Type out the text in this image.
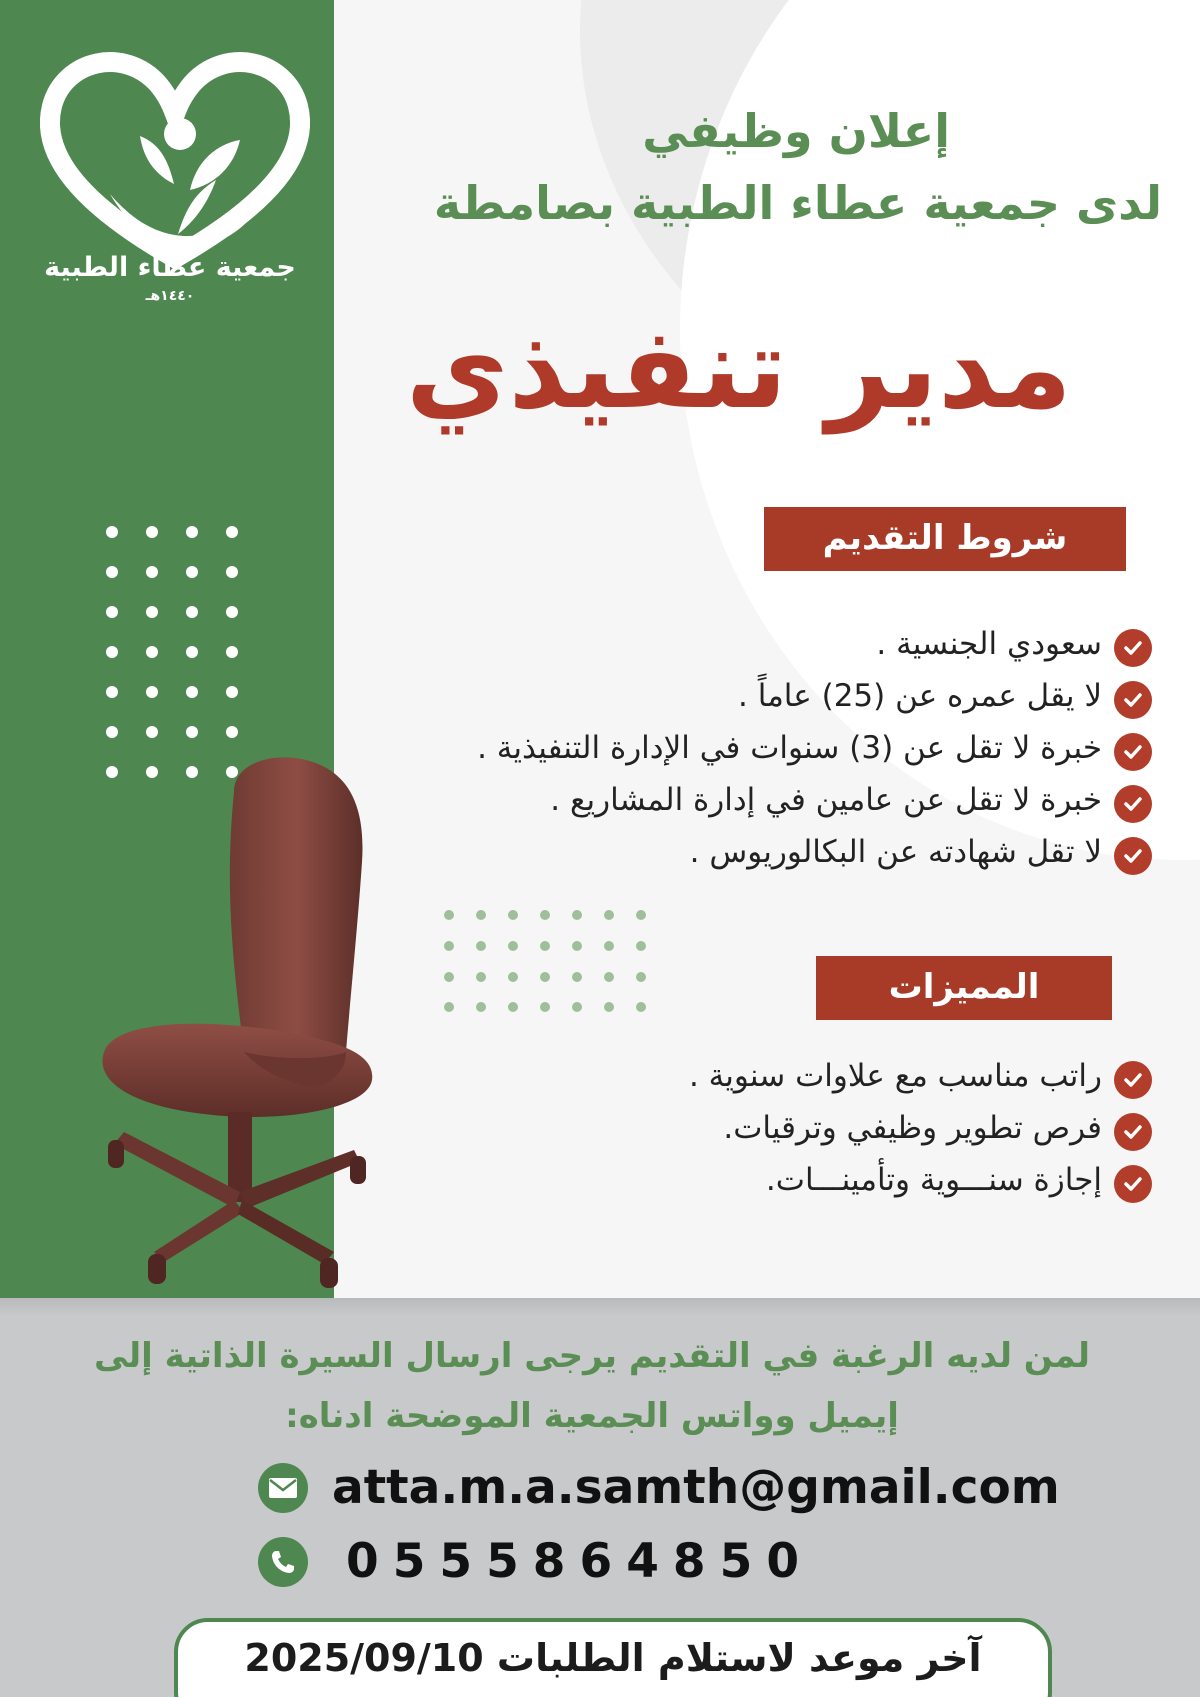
جمعية عطاء الطبية
١٤٤٠هـ
إعلان وظيفي
لدى جمعية عطاء الطبية بصامطة
مدير تنفيذي
شروط التقديم
سعودي الجنسية .
لا يقل عمره عن (25) عاماً .
خبرة لا تقل عن (3) سنوات في الإدارة التنفيذية .
خبرة لا تقل عن عامين في إدارة المشاريع .
لا تقل شهادته عن البكالوريوس .
المميزات
راتب مناسب مع علاوات سنوية .
فرص تطوير وظيفي وترقيات.
إجازة سنـــوية وتأمينـــات.
لمن لديه الرغبة في التقديم يرجى ارسال السيرة الذاتية إلى
إيميل وواتس الجمعية الموضحة ادناه:
atta.m.a.samth@gmail.com
0555864850
آخر موعد لاستلام الطلبات 2025/09/10
